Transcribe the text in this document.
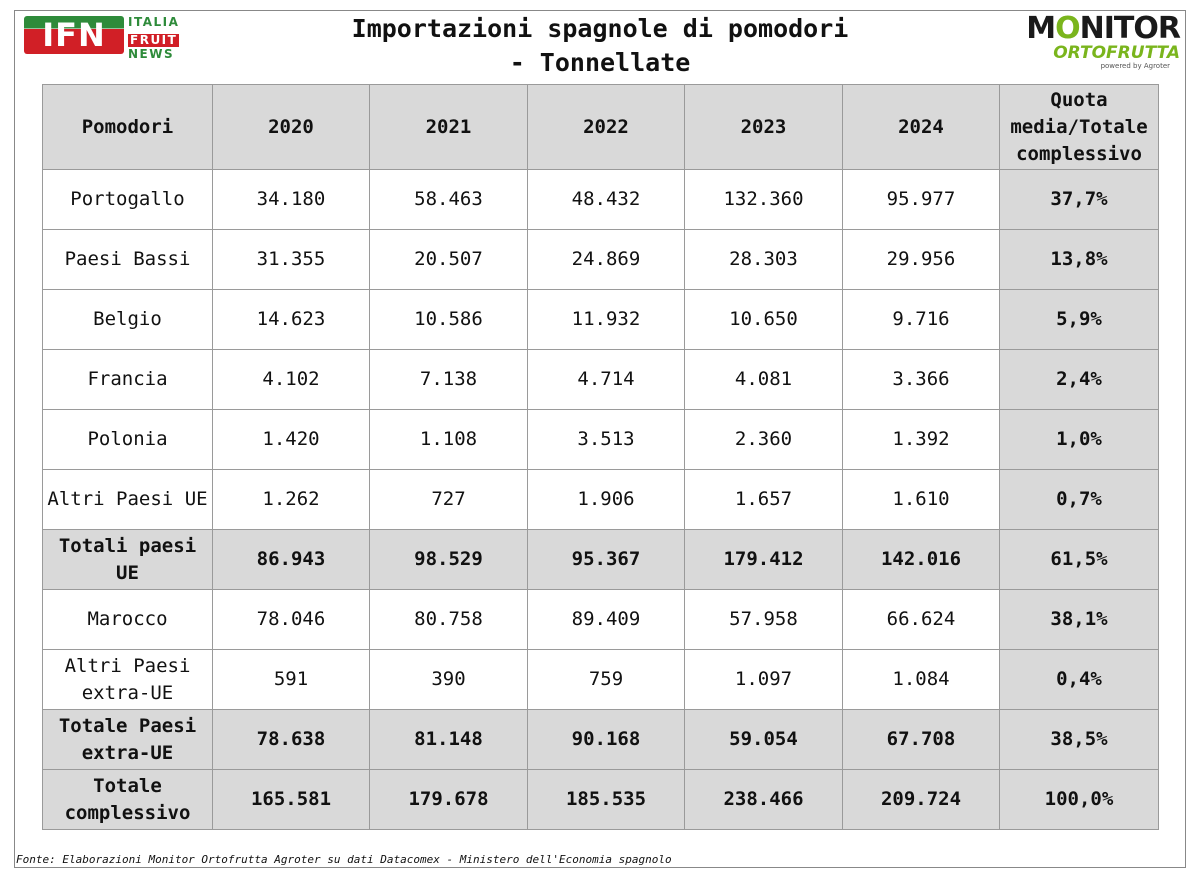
IFN	ITALIA
FRUIT
NEWS
Importazioni spagnole di pomodori
- Tonnellate
MONITOR
ORTOFRUTTA
powered by Agroter
Pomodori	2020	2021	2022	2023	2024	Quota media/Totale complessivo
Portogallo	34.180	58.463	48.432	132.360	95.977	37,7%
Paesi Bassi	31.355	20.507	24.869	28.303	29.956	13,8%
Belgio	14.623	10.586	11.932	10.650	9.716	5,9%
Francia	4.102	7.138	4.714	4.081	3.366	2,4%
Polonia	1.420	1.108	3.513	2.360	1.392	1,0%
Altri Paesi UE	1.262	727	1.906	1.657	1.610	0,7%
Totali paesi UE	86.943	98.529	95.367	179.412	142.016	61,5%
Marocco	78.046	80.758	89.409	57.958	66.624	38,1%
Altri Paesi extra-UE	591	390	759	1.097	1.084	0,4%
Totale Paesi extra-UE	78.638	81.148	90.168	59.054	67.708	38,5%
Totale complessivo	165.581	179.678	185.535	238.466	209.724	100,0%
Fonte: Elaborazioni Monitor Ortofrutta Agroter su dati Datacomex - Ministero dell'Economia spagnolo
